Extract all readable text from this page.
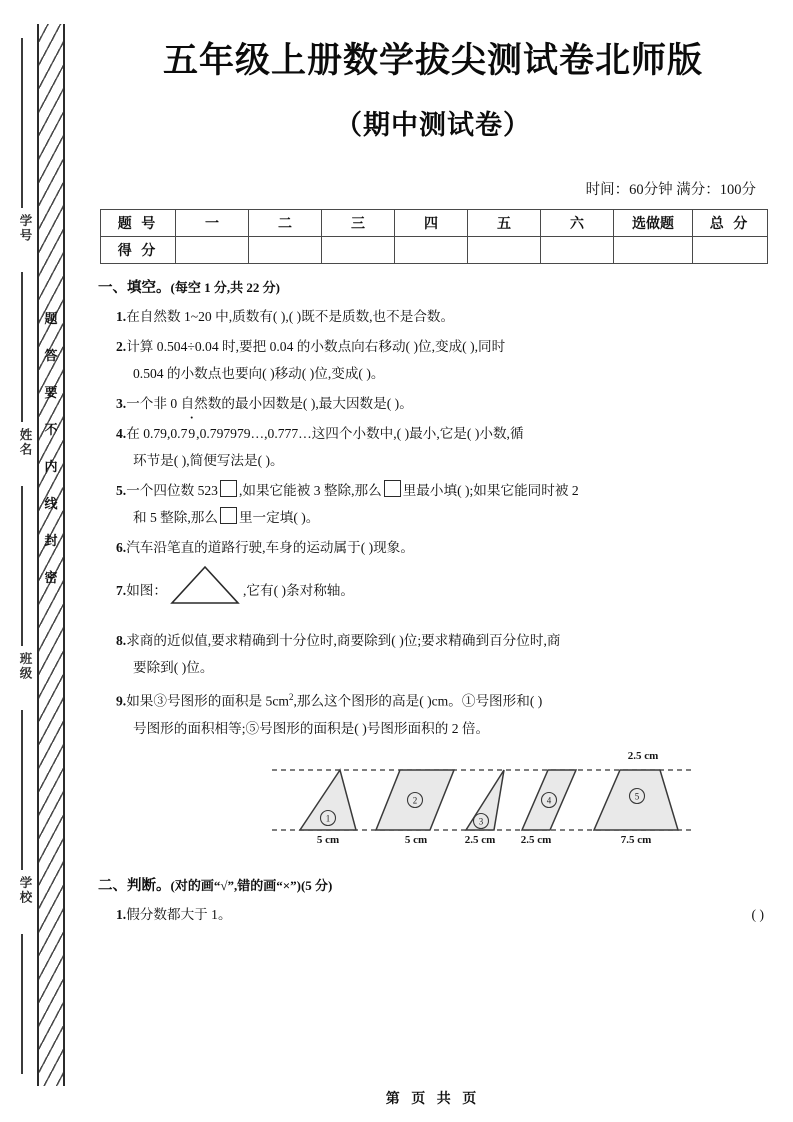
题
答
要
不
内
线
封
密
学号
姓名
班级
学校
五年级上册数学拔尖测试卷北师版
（期中测试卷）
时间：60分钟 满分：100分
题 号	一	二	三	四	五	六	选做题	总 分
得 分								
一、填空。(每空 1 分,共 22 分)
1.在自然数 1~20 中,质数有( ),( )既不是质数,也不是合数。
2.计算 0.504÷0.04 时,要把 0.04 的小数点向右移动( )位,变成( ),同时
0.504 的小数点也要向( )移动( )位,变成( )。
3.一个非 0 自然数的最小因数是( ),最大因数是( )。
4.在 0.79,0.7· 9,0.797979…,0.777…这四个小数中,( )最小,它是( )小数,循
环节是( ),简便写法是( )。
5.一个四位数 523 ,如果它能被 3 整除,那么 里最小填( );如果它能同时被 2
和 5 整除,那么 里一定填( )。
6.汽车沿笔直的道路行驶,车身的运动属于( )现象。
7.如图：	,它有( )条对称轴。
8.求商的近似值,要求精确到十分位时,商要除到( )位;要求精确到百分位时,商
要除到( )位。
9.如果③号图形的面积是 $5cm^2$,那么这个图形的高是( )cm。①号图形和( )
号图形的面积相等;⑤号图形的面积是( )号图形面积的 2 倍。
1
2
3
4	5
5 cm	5 cm	2.5 cm	2.5 cm	7.5 cm
2.5 cm
二、判断。(对的画“√”,错的画“×”)(5 分)
1.假分数都大于 1。	( )
第 页 共 页
